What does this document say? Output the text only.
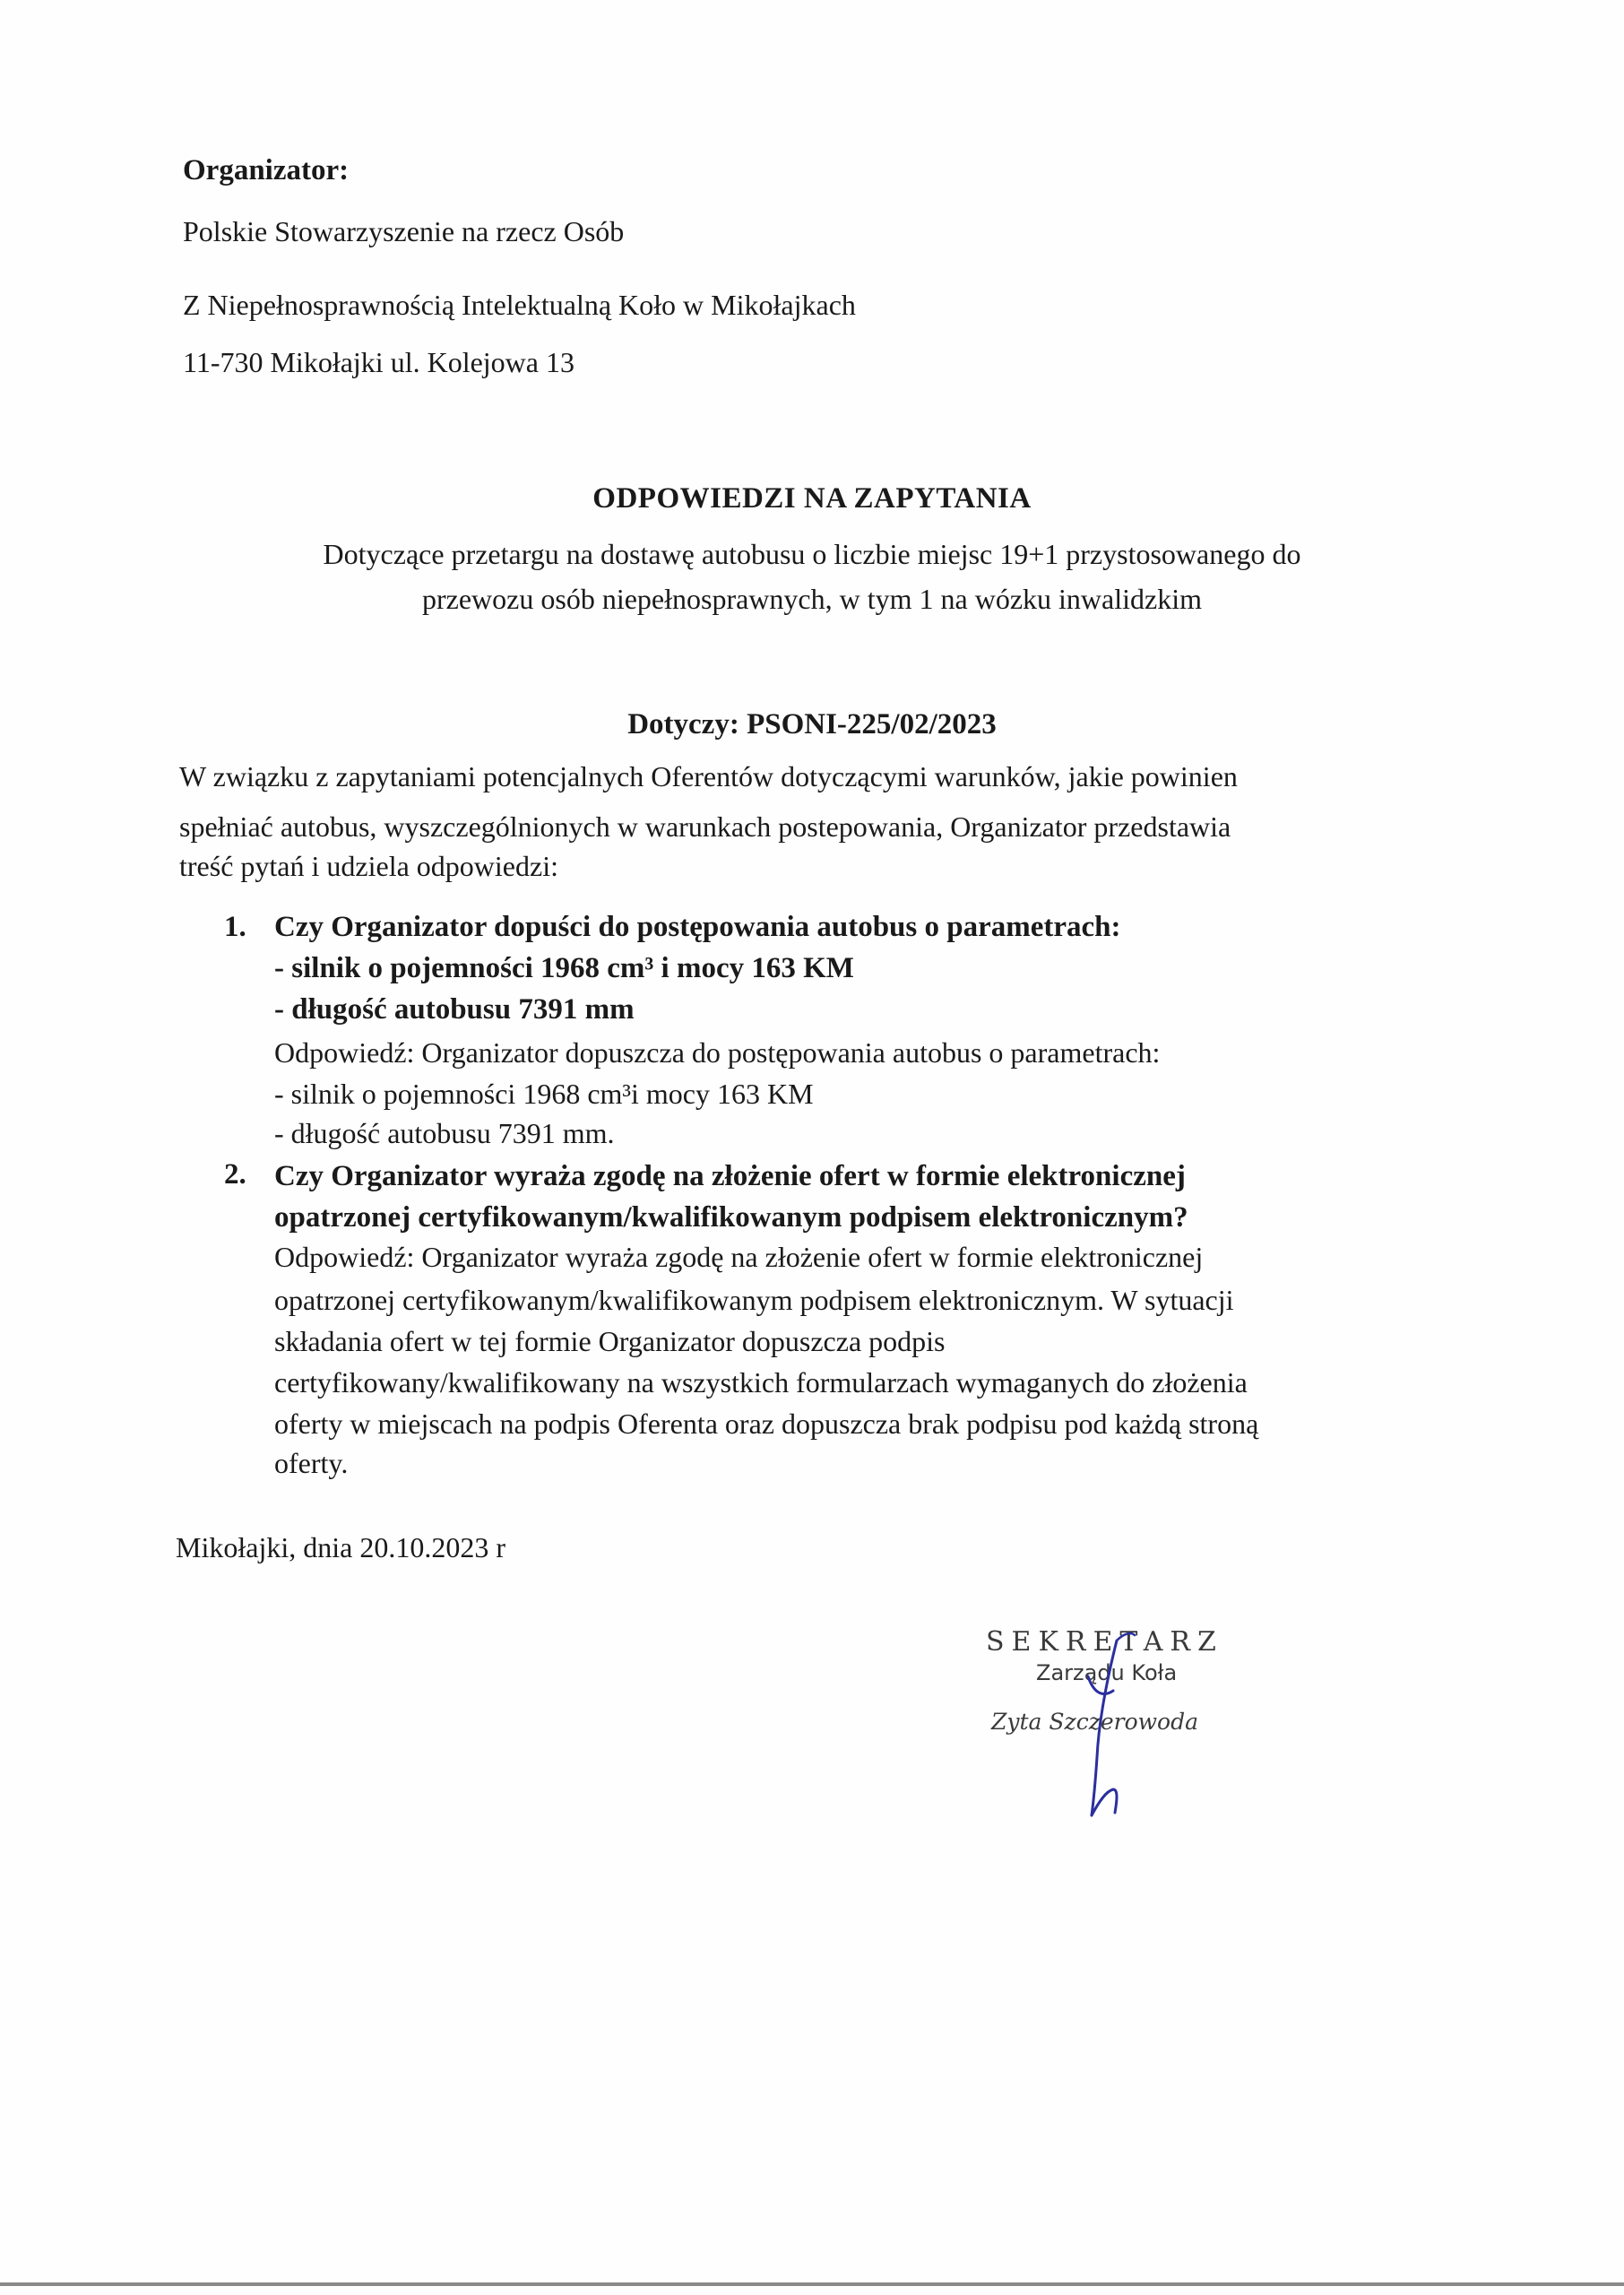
Organizator:
Polskie Stowarzyszenie na rzecz Osób
Z Niepełnosprawnością Intelektualną Koło w Mikołajkach
11-730 Mikołajki ul. Kolejowa 13
ODPOWIEDZI NA ZAPYTANIA
Dotyczące przetargu na dostawę autobusu o liczbie miejsc 19+1 przystosowanego do
przewozu osób niepełnosprawnych, w tym 1 na wózku inwalidzkim
Dotyczy: PSONI-225/02/2023
W związku z zapytaniami potencjalnych Oferentów dotyczącymi warunków, jakie powinien
spełniać autobus, wyszczególnionych w warunkach postepowania, Organizator przedstawia
treść pytań i udziela odpowiedzi:
1. Czy Organizator dopuści do postępowania autobus o parametrach:
- silnik o pojemności 1968 cm³ i mocy 163 KM
- długość autobusu 7391 mm
Odpowiedź: Organizator dopuszcza do postępowania autobus o parametrach:
- silnik o pojemności 1968 cm³i mocy 163 KM
- długość autobusu 7391 mm.
2. Czy Organizator wyraża zgodę na złożenie ofert w formie elektronicznej
opatrzonej certyfikowanym/kwalifikowanym podpisem elektronicznym?
Odpowiedź: Organizator wyraża zgodę na złożenie ofert w formie elektronicznej
opatrzonej certyfikowanym/kwalifikowanym podpisem elektronicznym. W sytuacji
składania ofert w tej formie Organizator dopuszcza podpis
certyfikowany/kwalifikowany na wszystkich formularzach wymaganych do złożenia
oferty w miejscach na podpis Oferenta oraz dopuszcza brak podpisu pod każdą stroną
oferty.
Mikołajki, dnia 20.10.2023 r
SEKRETARZ
Zarządu Koła
Zyta Szczerowoda
